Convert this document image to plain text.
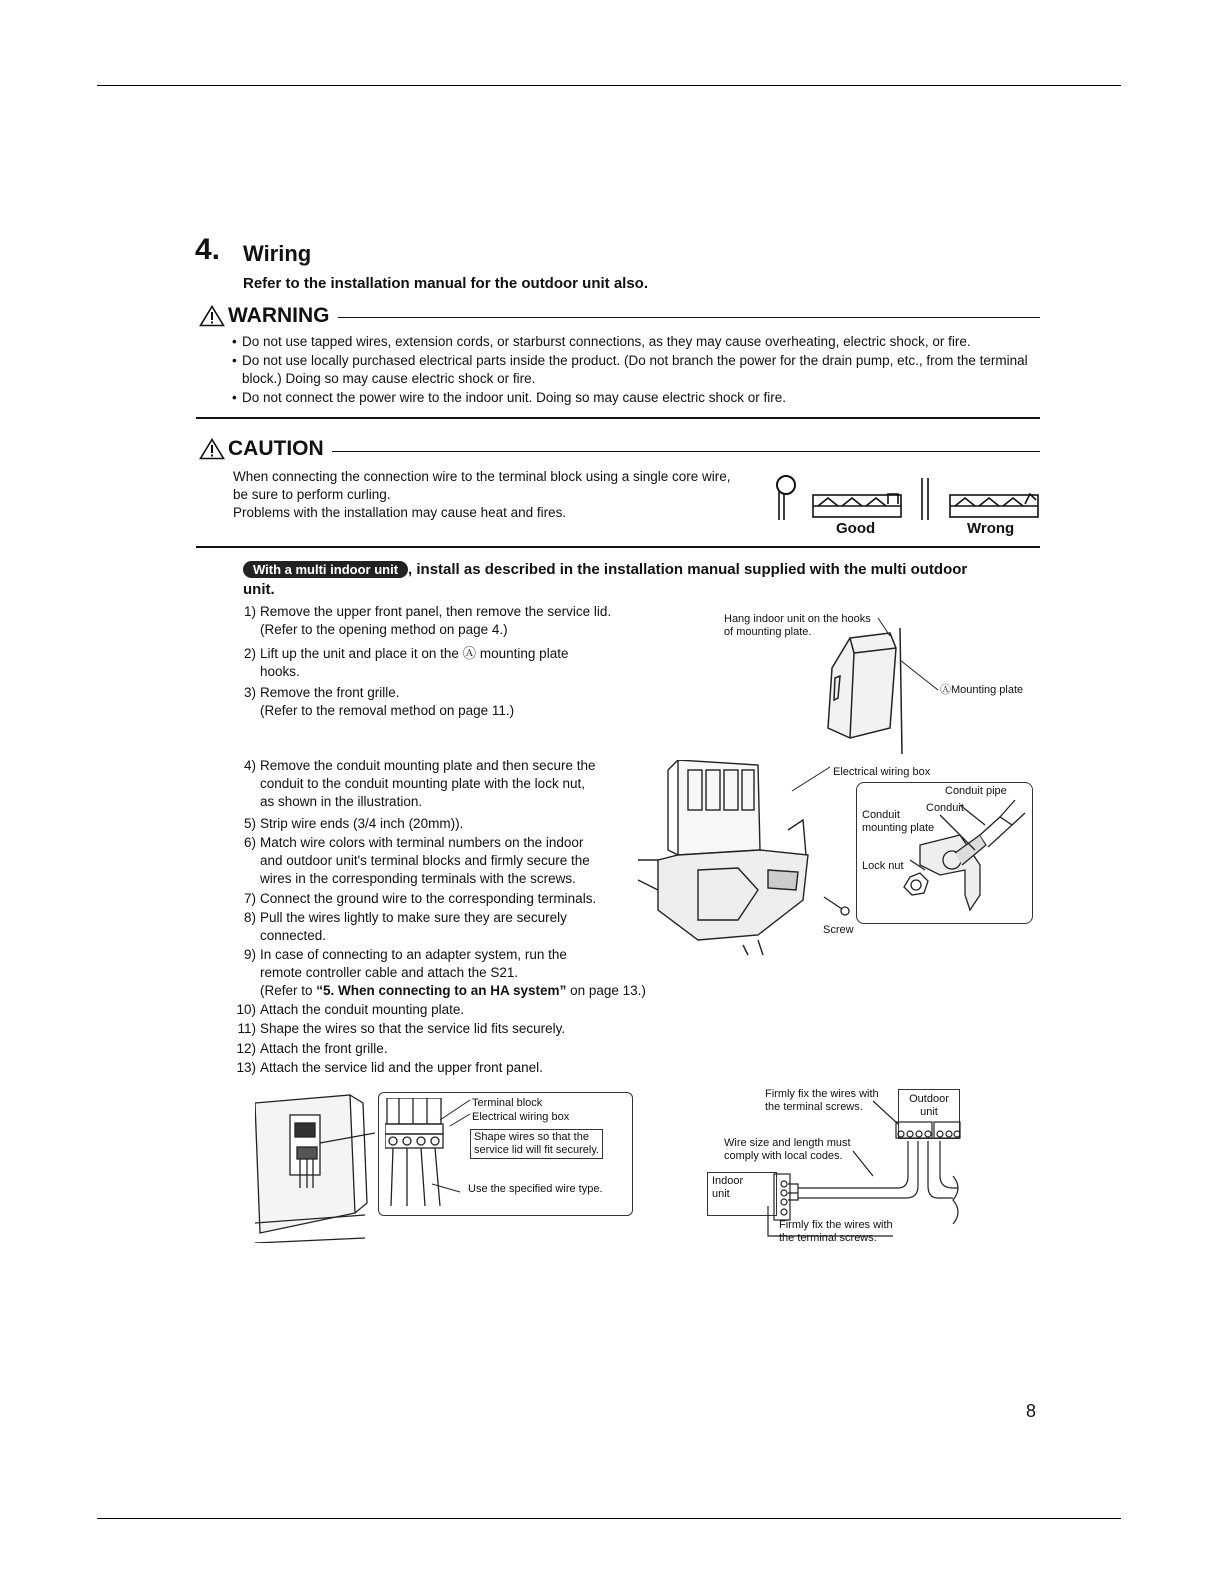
4. Wiring
Refer to the installation manual for the outdoor unit also.
WARNING
• Do not use tapped wires, extension cords, or starburst connections, as they may cause overheating, electric shock, or fire.
• Do not use locally purchased electrical parts inside the product. (Do not branch the power for the drain pump, etc., from the terminal block.) Doing so may cause electric shock or fire.
• Do not connect the power wire to the indoor unit. Doing so may cause electric shock or fire.
CAUTION
When connecting the connection wire to the terminal block using a single core wire,
be sure to perform curling.
Problems with the installation may cause heat and fires.
Good	Wrong
With a multi indoor unit , install as described in the installation manual supplied with the multi outdoor
unit.
1) Remove the upper front panel, then remove the service lid.
(Refer to the opening method on page 4.)
2) Lift up the unit and place it on the Ⓐ mounting plate
hooks.
3) Remove the front grille.
(Refer to the removal method on page 11.)
4) Remove the conduit mounting plate and then secure the
conduit to the conduit mounting plate with the lock nut,
as shown in the illustration.
5) Strip wire ends (3/4 inch (20mm)).
6) Match wire colors with terminal numbers on the indoor
and outdoor unit's terminal blocks and firmly secure the
wires in the corresponding terminals with the screws.
7) Connect the ground wire to the corresponding terminals.
8) Pull the wires lightly to make sure they are securely
connected.
9) In case of connecting to an adapter system, run the
remote controller cable and attach the S21.
(Refer to “5. When connecting to an HA system” on page 13.)
10) Attach the conduit mounting plate.
11) Shape the wires so that the service lid fits securely.
12) Attach the front grille.
13) Attach the service lid and the upper front panel.
Hang indoor unit on the hooks
of mounting plate.
ⒶMounting plate
Electrical wiring box
Conduit pipe
Conduit
Conduit
mounting plate
Lock nut
Screw
Terminal block
Electrical wiring box
Shape wires so that the
service lid will fit securely.
Use the specified wire type.
Firmly fix the wires with
the terminal screws.
Outdoor
unit
Wire size and length must
comply with local codes.
Indoor
unit
Firmly fix the wires with
the terminal screws.
8
